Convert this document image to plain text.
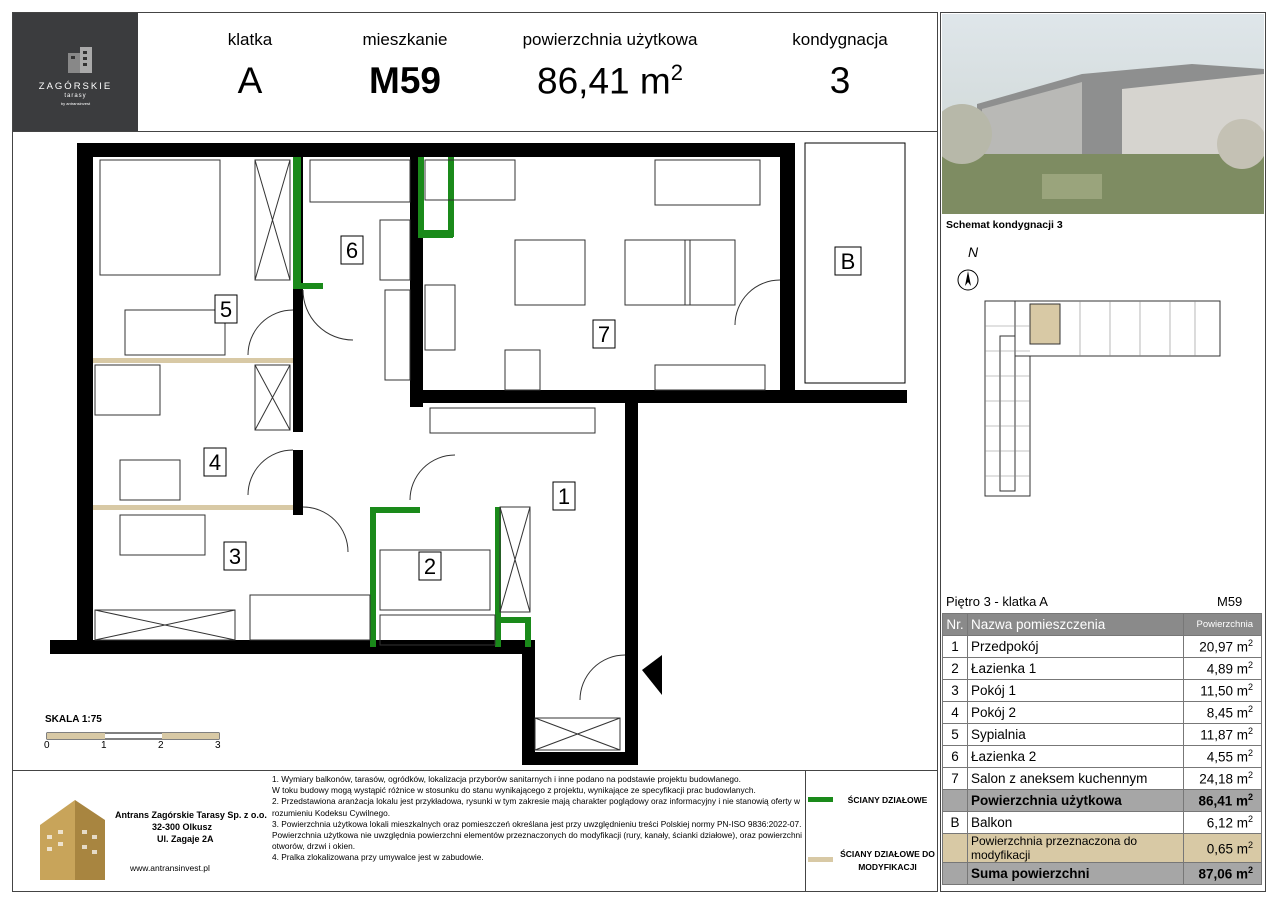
ZAGÓRSKIE
tarasy
by antransinvest
klatka
A
mieszkanie
M59
powierzchnia użytkowa
86,41 $m^2$
kondygnacja
3
5
6
7
B
4
1
3	2
SKALA 1:75
0	1	2	3
Schemat kondygnacji 3
N
Piętro 3 - klatka A	M59
Nr.	Nazwa pomieszczenia	Powierzchnia
1	Przedpokój	20,97 $m^2$
2	Łazienka 1	4,89 $m^2$
3	Pokój 1	11,50 $m^2$
4	Pokój 2	8,45 $m^2$
5	Sypialnia	11,87 $m^2$
6	Łazienka 2	4,55 $m^2$
7	Salon z aneksem kuchennym	24,18 $m^2$
	Powierzchnia użytkowa	86,41 $m^2$
B	Balkon	6,12 $m^2$
	Powierzchnia przeznaczona do modyfikacji	0,65 $m^2$
	Suma powierzchni	87,06 $m^2$
Antrans Zagórskie Tarasy Sp. z o.o.
32-300 Olkusz
Ul. Zagaje 2A
www.antransinvest.pl
1. Wymiary balkonów, tarasów, ogródków, lokalizacja przyborów sanitarnych i inne podano na podstawie projektu budowlanego.
W toku budowy mogą wystąpić różnice w stosunku do stanu wynikającego z projektu, wynikające ze specyfikacji prac budowlanych.
2. Przedstawiona aranżacja lokalu jest przykładowa, rysunki w tym zakresie mają charakter poglądowy oraz informacyjny i nie stanowią oferty w rozumieniu Kodeksu Cywilnego.
3. Powierzchnia użytkowa lokali mieszkalnych oraz pomieszczeń określana jest przy uwzględnieniu treści Polskiej normy PN-ISO 9836:2022-07. Powierzchnia użytkowa nie uwzględnia powierzchni elementów przeznaczonych do modyfikacji (rury, kanały, ścianki działowe), oraz powierzchni otworów, drzwi i okien.
4. Pralka zlokalizowana przy umywalce jest w zabudowie.
ŚCIANY DZIAŁOWE
ŚCIANY DZIAŁOWE DO MODYFIKACJI
